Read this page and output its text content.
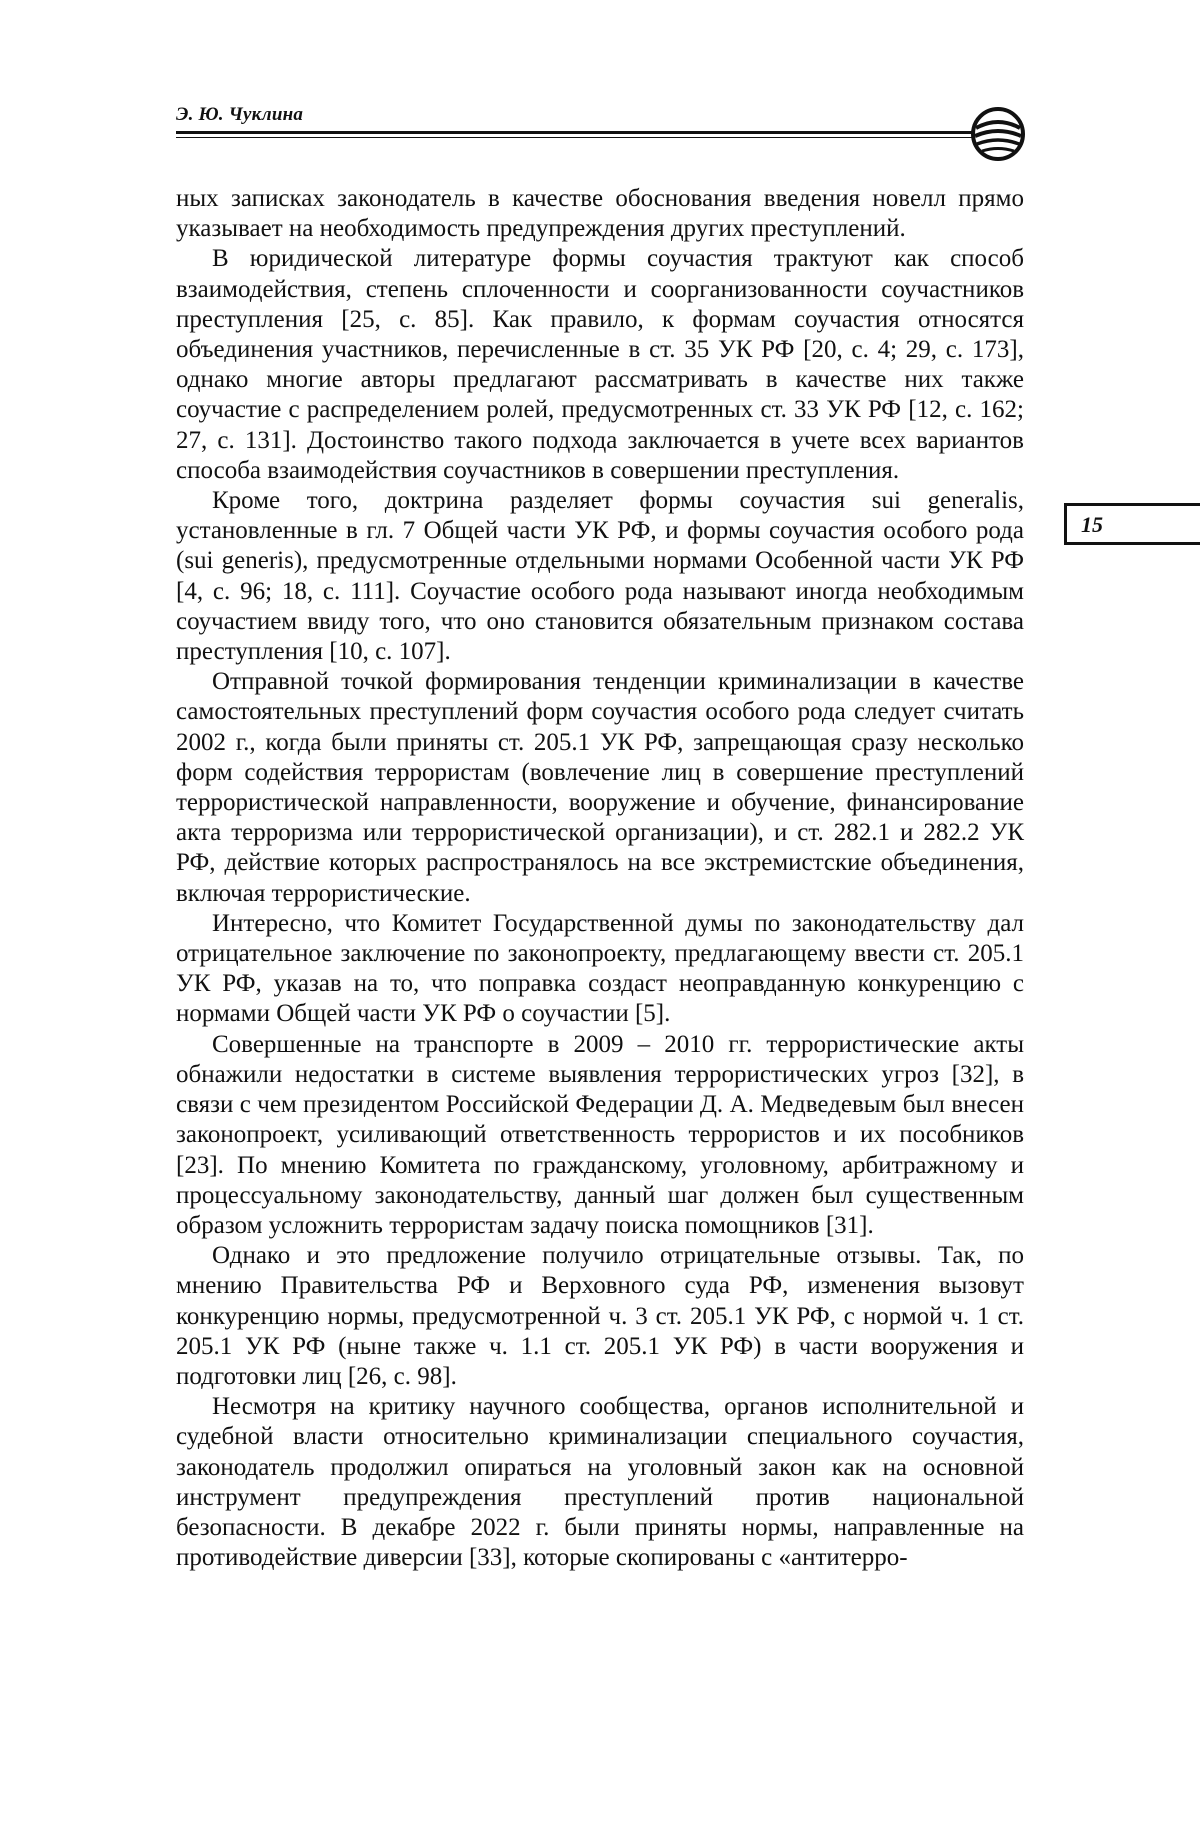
Э. Ю. Чуклина
15

ных записках законодатель в качестве обоснования введения новелл прямо указывает на необходимость предупреждения других преступлений.

В юридической литературе формы соучастия трактуют как способ взаимодействия, степень сплоченности и соорганизованности соучастников преступления [25, с. 85]. Как правило, к формам соучастия относятся объединения участников, перечисленные в ст. 35 УК РФ [20, с. 4; 29, с. 173], однако многие авторы предлагают рассматривать в качестве них также соучастие с распределением ролей, предусмотренных ст. 33 УК РФ [12, с. 162; 27, с. 131]. Достоинство такого подхода заключается в учете всех вариантов способа взаимодействия соучастников в совершении преступления.

Кроме того, доктрина разделяет формы соучастия sui generalis, установленные в гл. 7 Общей части УК РФ, и формы соучастия особого рода (sui generis), предусмотренные отдельными нормами Особенной части УК РФ [4, с. 96; 18, с. 111]. Соучастие особого рода называют иногда необходимым соучастием ввиду того, что оно становится обязательным признаком состава преступления [10, с. 107].

Отправной точкой формирования тенденции криминализации в качестве самостоятельных преступлений форм соучастия особого рода следует считать 2002 г., когда были приняты ст. 205.1 УК РФ, запрещающая сразу несколько форм содействия террористам (вовлечение лиц в совершение преступлений террористической направленности, вооружение и обучение, финансирование акта терроризма или террористической организации), и ст. 282.1 и 282.2 УК РФ, действие которых распространялось на все экстремистские объединения, включая террористические.

Интересно, что Комитет Государственной думы по законодательству дал отрицательное заключение по законопроекту, предлагающему ввести ст. 205.1 УК РФ, указав на то, что поправка создаст неоправданную конкуренцию с нормами Общей части УК РФ о соучастии [5].

Совершенные на транспорте в 2009 – 2010 гг. террористические акты обнажили недостатки в системе выявления террористических угроз [32], в связи с чем президентом Российской Федерации Д. А. Медведевым был внесен законопроект, усиливающий ответственность террористов и их пособников [23]. По мнению Комитета по гражданскому, уголовному, арбитражному и процессуальному законодательству, данный шаг должен был существенным образом усложнить террористам задачу поиска помощников [31].

Однако и это предложение получило отрицательные отзывы. Так, по мнению Правительства РФ и Верховного суда РФ, изменения вызовут конкуренцию нормы, предусмотренной ч. 3 ст. 205.1 УК РФ, с нормой ч. 1 ст. 205.1 УК РФ (ныне также ч. 1.1 ст. 205.1 УК РФ) в части вооружения и подготовки лиц [26, с. 98].

Несмотря на критику научного сообщества, органов исполнительной и судебной власти относительно криминализации специального соучастия, законодатель продолжил опираться на уголовный закон как на основной инструмент предупреждения преступлений против национальной безопасности. В декабре 2022 г. были приняты нормы, направленные на противодействие диверсии [33], которые скопированы с «антитерро-
